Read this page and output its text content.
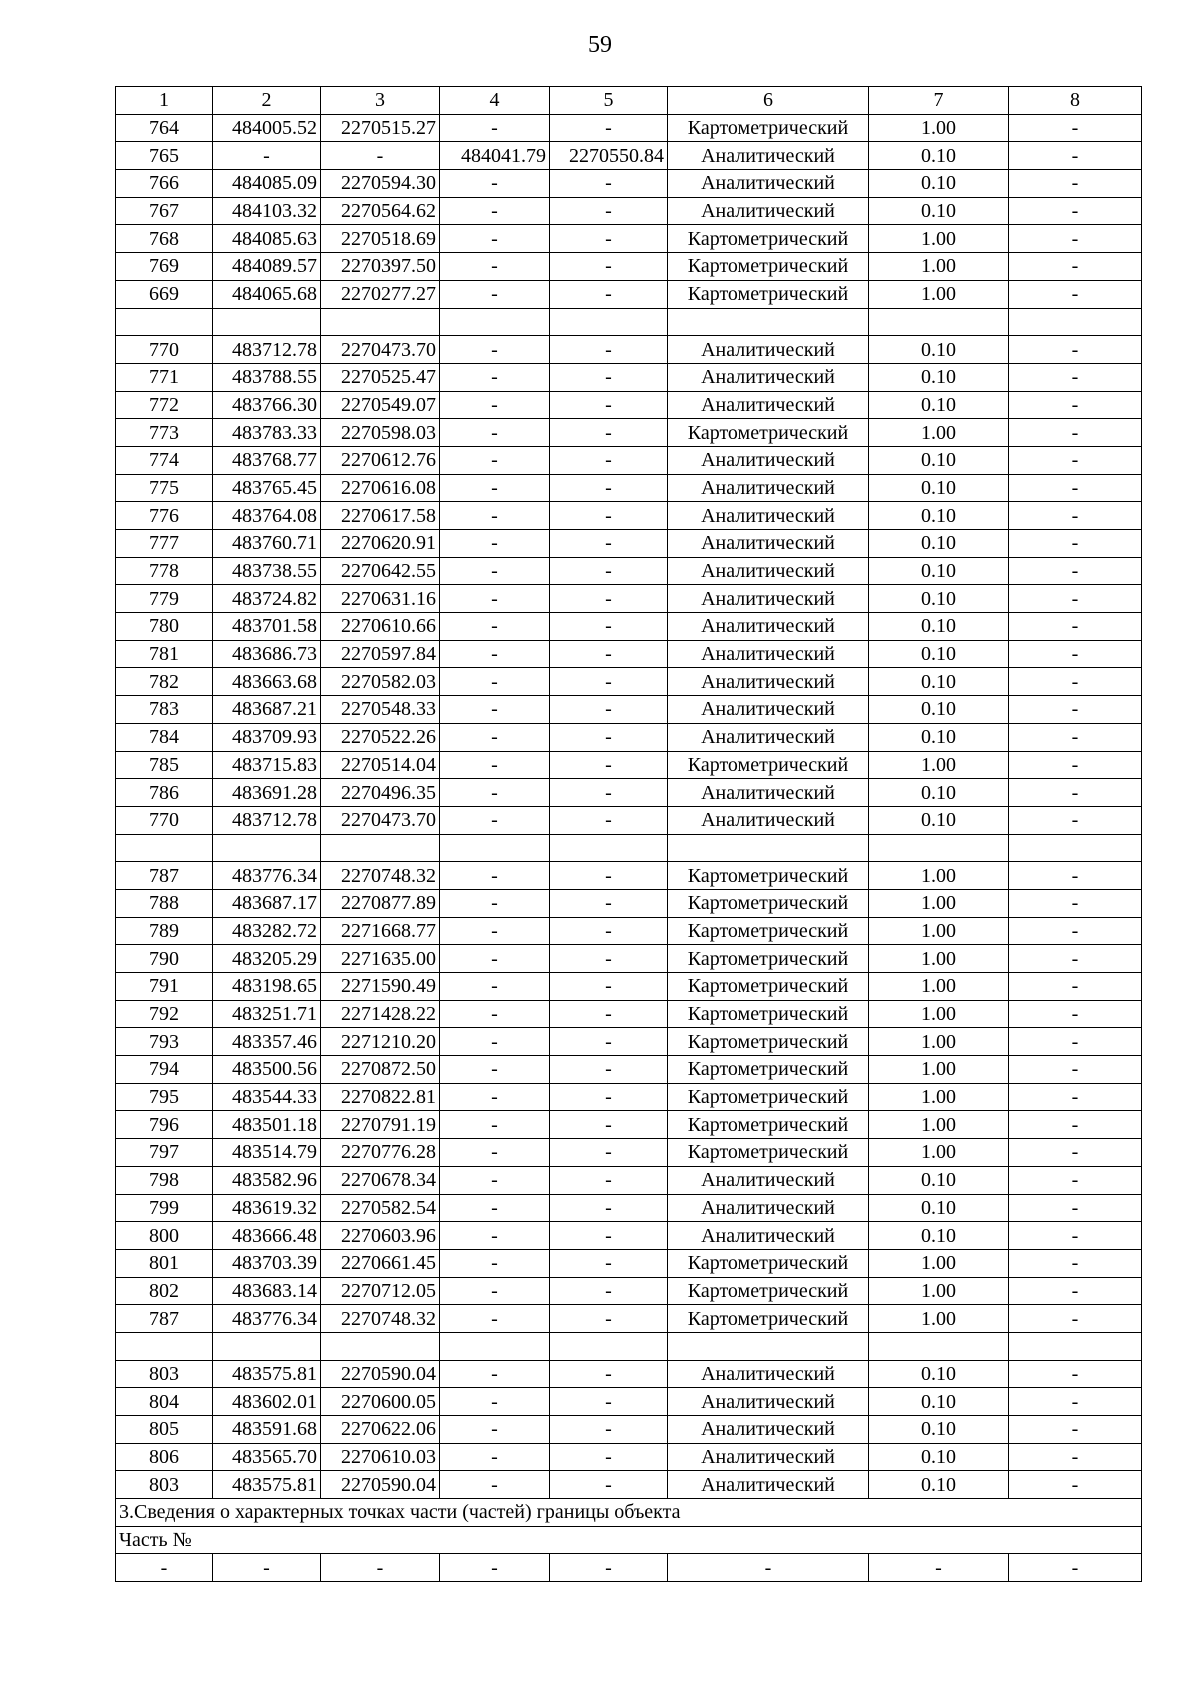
59
1	2	3	4	5	6	7	8
764	484005.52	2270515.27	-	-	Картометрический	1.00	-
765	-	-	484041.79	2270550.84	Аналитический	0.10	-
766	484085.09	2270594.30	-	-	Аналитический	0.10	-
767	484103.32	2270564.62	-	-	Аналитический	0.10	-
768	484085.63	2270518.69	-	-	Картометрический	1.00	-
769	484089.57	2270397.50	-	-	Картометрический	1.00	-
669	484065.68	2270277.27	-	-	Картометрический	1.00	-

770	483712.78	2270473.70	-	-	Аналитический	0.10	-
771	483788.55	2270525.47	-	-	Аналитический	0.10	-
772	483766.30	2270549.07	-	-	Аналитический	0.10	-
773	483783.33	2270598.03	-	-	Картометрический	1.00	-
774	483768.77	2270612.76	-	-	Аналитический	0.10	-
775	483765.45	2270616.08	-	-	Аналитический	0.10	-
776	483764.08	2270617.58	-	-	Аналитический	0.10	-
777	483760.71	2270620.91	-	-	Аналитический	0.10	-
778	483738.55	2270642.55	-	-	Аналитический	0.10	-
779	483724.82	2270631.16	-	-	Аналитический	0.10	-
780	483701.58	2270610.66	-	-	Аналитический	0.10	-
781	483686.73	2270597.84	-	-	Аналитический	0.10	-
782	483663.68	2270582.03	-	-	Аналитический	0.10	-
783	483687.21	2270548.33	-	-	Аналитический	0.10	-
784	483709.93	2270522.26	-	-	Аналитический	0.10	-
785	483715.83	2270514.04	-	-	Картометрический	1.00	-
786	483691.28	2270496.35	-	-	Аналитический	0.10	-
770	483712.78	2270473.70	-	-	Аналитический	0.10	-

787	483776.34	2270748.32	-	-	Картометрический	1.00	-
788	483687.17	2270877.89	-	-	Картометрический	1.00	-
789	483282.72	2271668.77	-	-	Картометрический	1.00	-
790	483205.29	2271635.00	-	-	Картометрический	1.00	-
791	483198.65	2271590.49	-	-	Картометрический	1.00	-
792	483251.71	2271428.22	-	-	Картометрический	1.00	-
793	483357.46	2271210.20	-	-	Картометрический	1.00	-
794	483500.56	2270872.50	-	-	Картометрический	1.00	-
795	483544.33	2270822.81	-	-	Картометрический	1.00	-
796	483501.18	2270791.19	-	-	Картометрический	1.00	-
797	483514.79	2270776.28	-	-	Картометрический	1.00	-
798	483582.96	2270678.34	-	-	Аналитический	0.10	-
799	483619.32	2270582.54	-	-	Аналитический	0.10	-
800	483666.48	2270603.96	-	-	Аналитический	0.10	-
801	483703.39	2270661.45	-	-	Картометрический	1.00	-
802	483683.14	2270712.05	-	-	Картометрический	1.00	-
787	483776.34	2270748.32	-	-	Картометрический	1.00	-

803	483575.81	2270590.04	-	-	Аналитический	0.10	-
804	483602.01	2270600.05	-	-	Аналитический	0.10	-
805	483591.68	2270622.06	-	-	Аналитический	0.10	-
806	483565.70	2270610.03	-	-	Аналитический	0.10	-
803	483575.81	2270590.04	-	-	Аналитический	0.10	-
3.Сведения о характерных точках части (частей) границы объекта							
Часть №							
-	-	-	-	-	-	-	-
